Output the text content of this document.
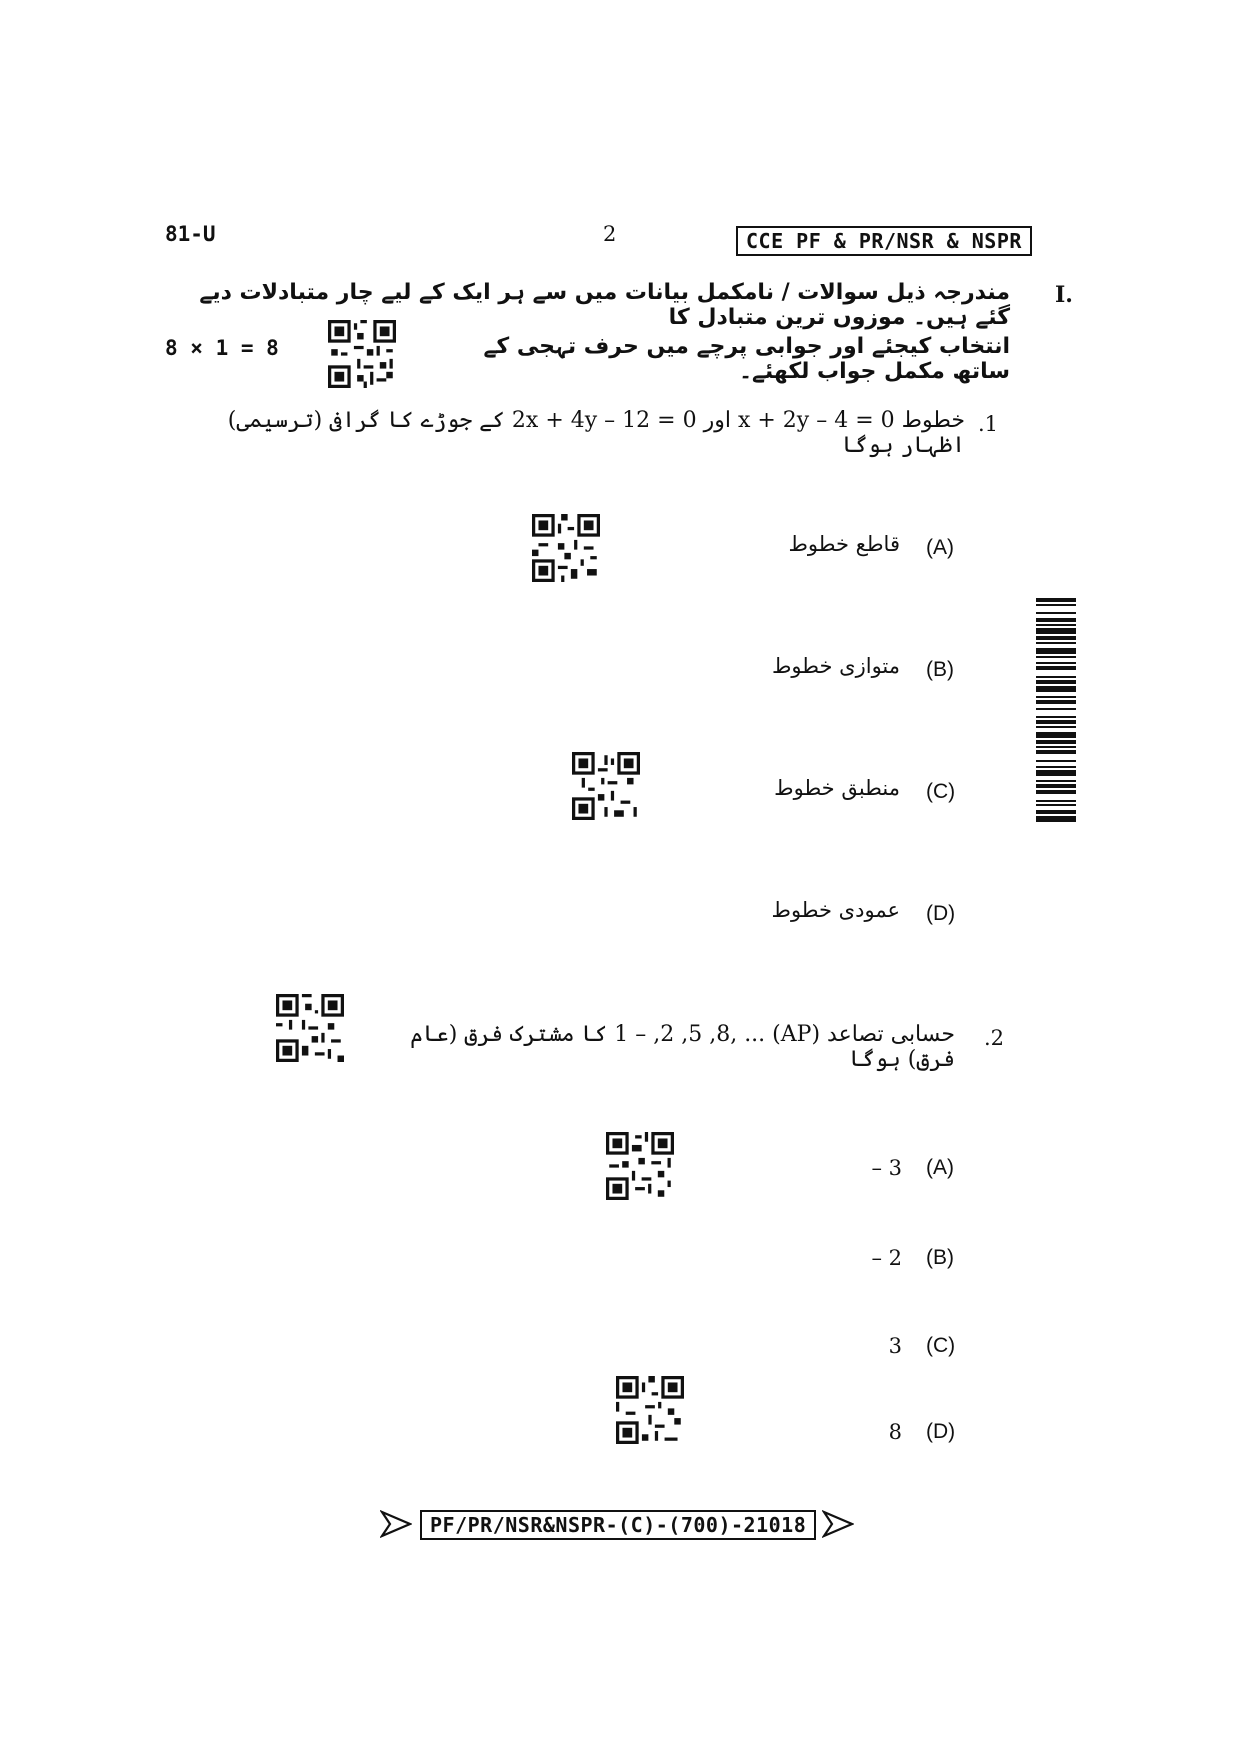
81-U	2	CCE PF & PR/NSR & NSPR
I.
مندرجہ ذیل سوالات / نامکمل بیانات میں سے ہر ایک کے لیے چار متبادلات دیے گئے ہیں۔ موزوں ترین متبادل کا
انتخاب کیجئے اور جوابی پرچے میں حرف تہجی کے ساتھ مکمل جواب لکھئے۔
8 × 1 = 8
.1
خطوط 0 = 4 – x + 2y اور 0 = 12 – 2x + 4y کے جوڑے کا گرافی (ترسیمی) اظہار ہوگا
(A)
قاطع خطوط
(B)
متوازی خطوط
(C)
منطبق خطوط
(D)
عمودی خطوط
.2
حسابی تصاعد (AP) ... ,1 – ,2 ,5 ,8 کا مشترک فرق (عام فرق) ہوگا
(A)
– 3
(B)
– 2
(C)
3
(D)
8
PF/PR/NSR&NSPR-(C)-(700)-21018
